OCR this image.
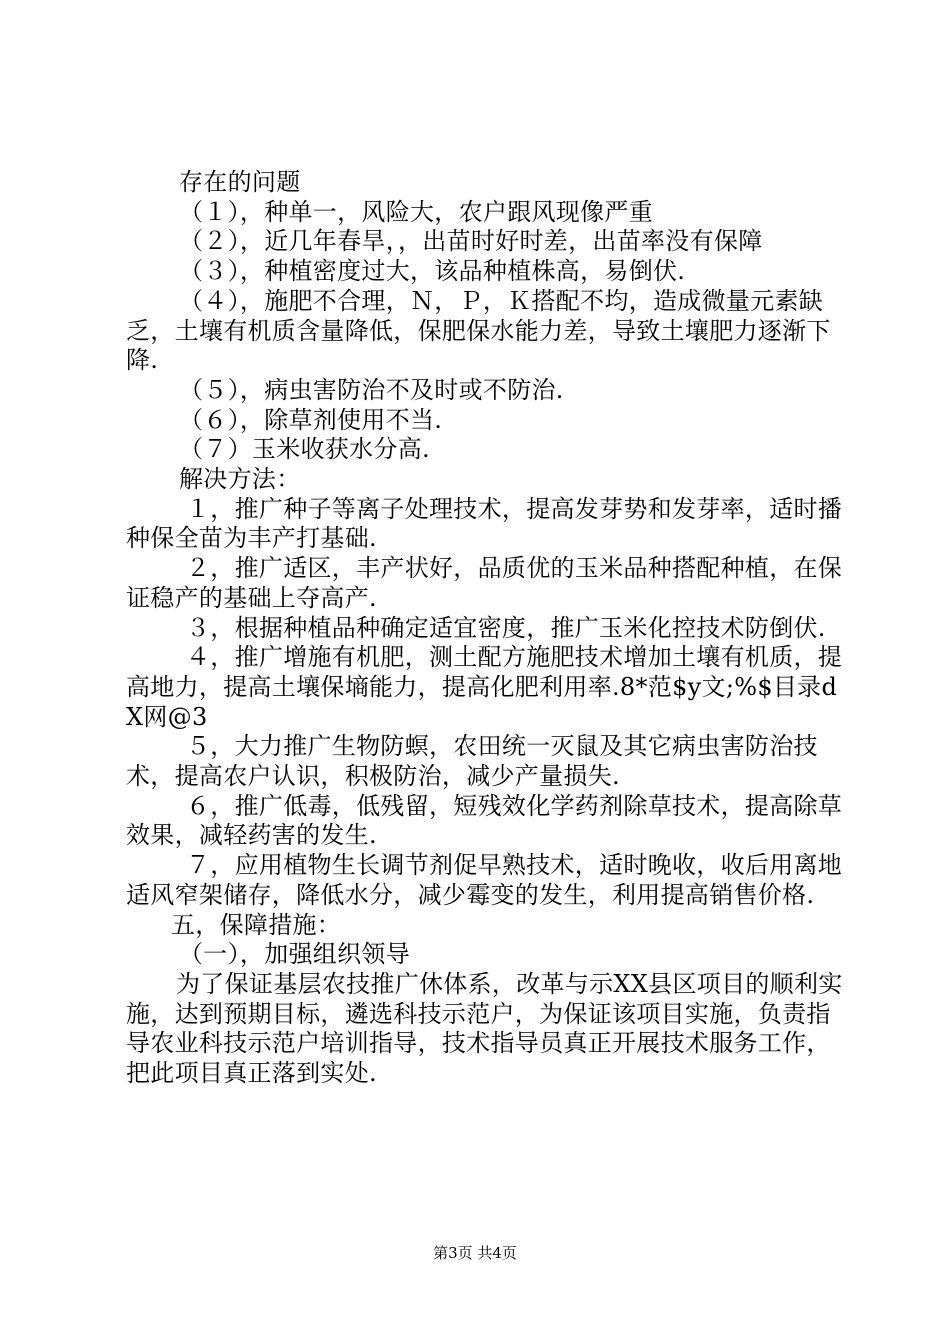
存在的问题

（１），种单一，风险大，农户跟风现像严重

（２），近几年春旱，，出苗时好时差，出苗率没有保障

（３），种植密度过大，该品种植株高，易倒伏.

（４），施肥不合理，Ｎ，Ｐ，Ｋ搭配不均，造成微量元素缺乏，土壤有机质含量降低，保肥保水能力差，导致土壤肥力逐渐下降.

（５），病虫害防治不及时或不防治.

（６），除草剂使用不当.

（７）玉米收获水分高.

解决方法：

１，推广种子等离子处理技术，提高发芽势和发芽率，适时播种保全苗为丰产打基础.

２，推广适区，丰产状好，品质优的玉米品种搭配种植，在保证稳产的基础上夺高产.

３，根据种植品种确定适宜密度，推广玉米化控技术防倒伏.

４，推广增施有机肥，测土配方施肥技术增加土壤有机质，提高地力，提高土壤保墒能力，提高化肥利用率.8*范$y文;%$目录dX网@3

５，大力推广生物防螟，农田统一灭鼠及其它病虫害防治技术，提高农户认识，积极防治，减少产量损失.

６，推广低毒，低残留，短残效化学药剂除草技术，提高除草效果，减轻药害的发生.

７，应用植物生长调节剂促早熟技术，适时晚收，收后用离地适风窄架储存，降低水分，减少霉变的发生，利用提高销售价格.

五，保障措施：

（一），加强组织领导

为了保证基层农技推广休体系，改革与示XX县区项目的顺利实施，达到预期目标，遴选科技示范户，为保证该项目实施，负责指导农业科技示范户培训指导，技术指导员真正开展技术服务工作，把此项目真正落到实处.

第3页 共4页
